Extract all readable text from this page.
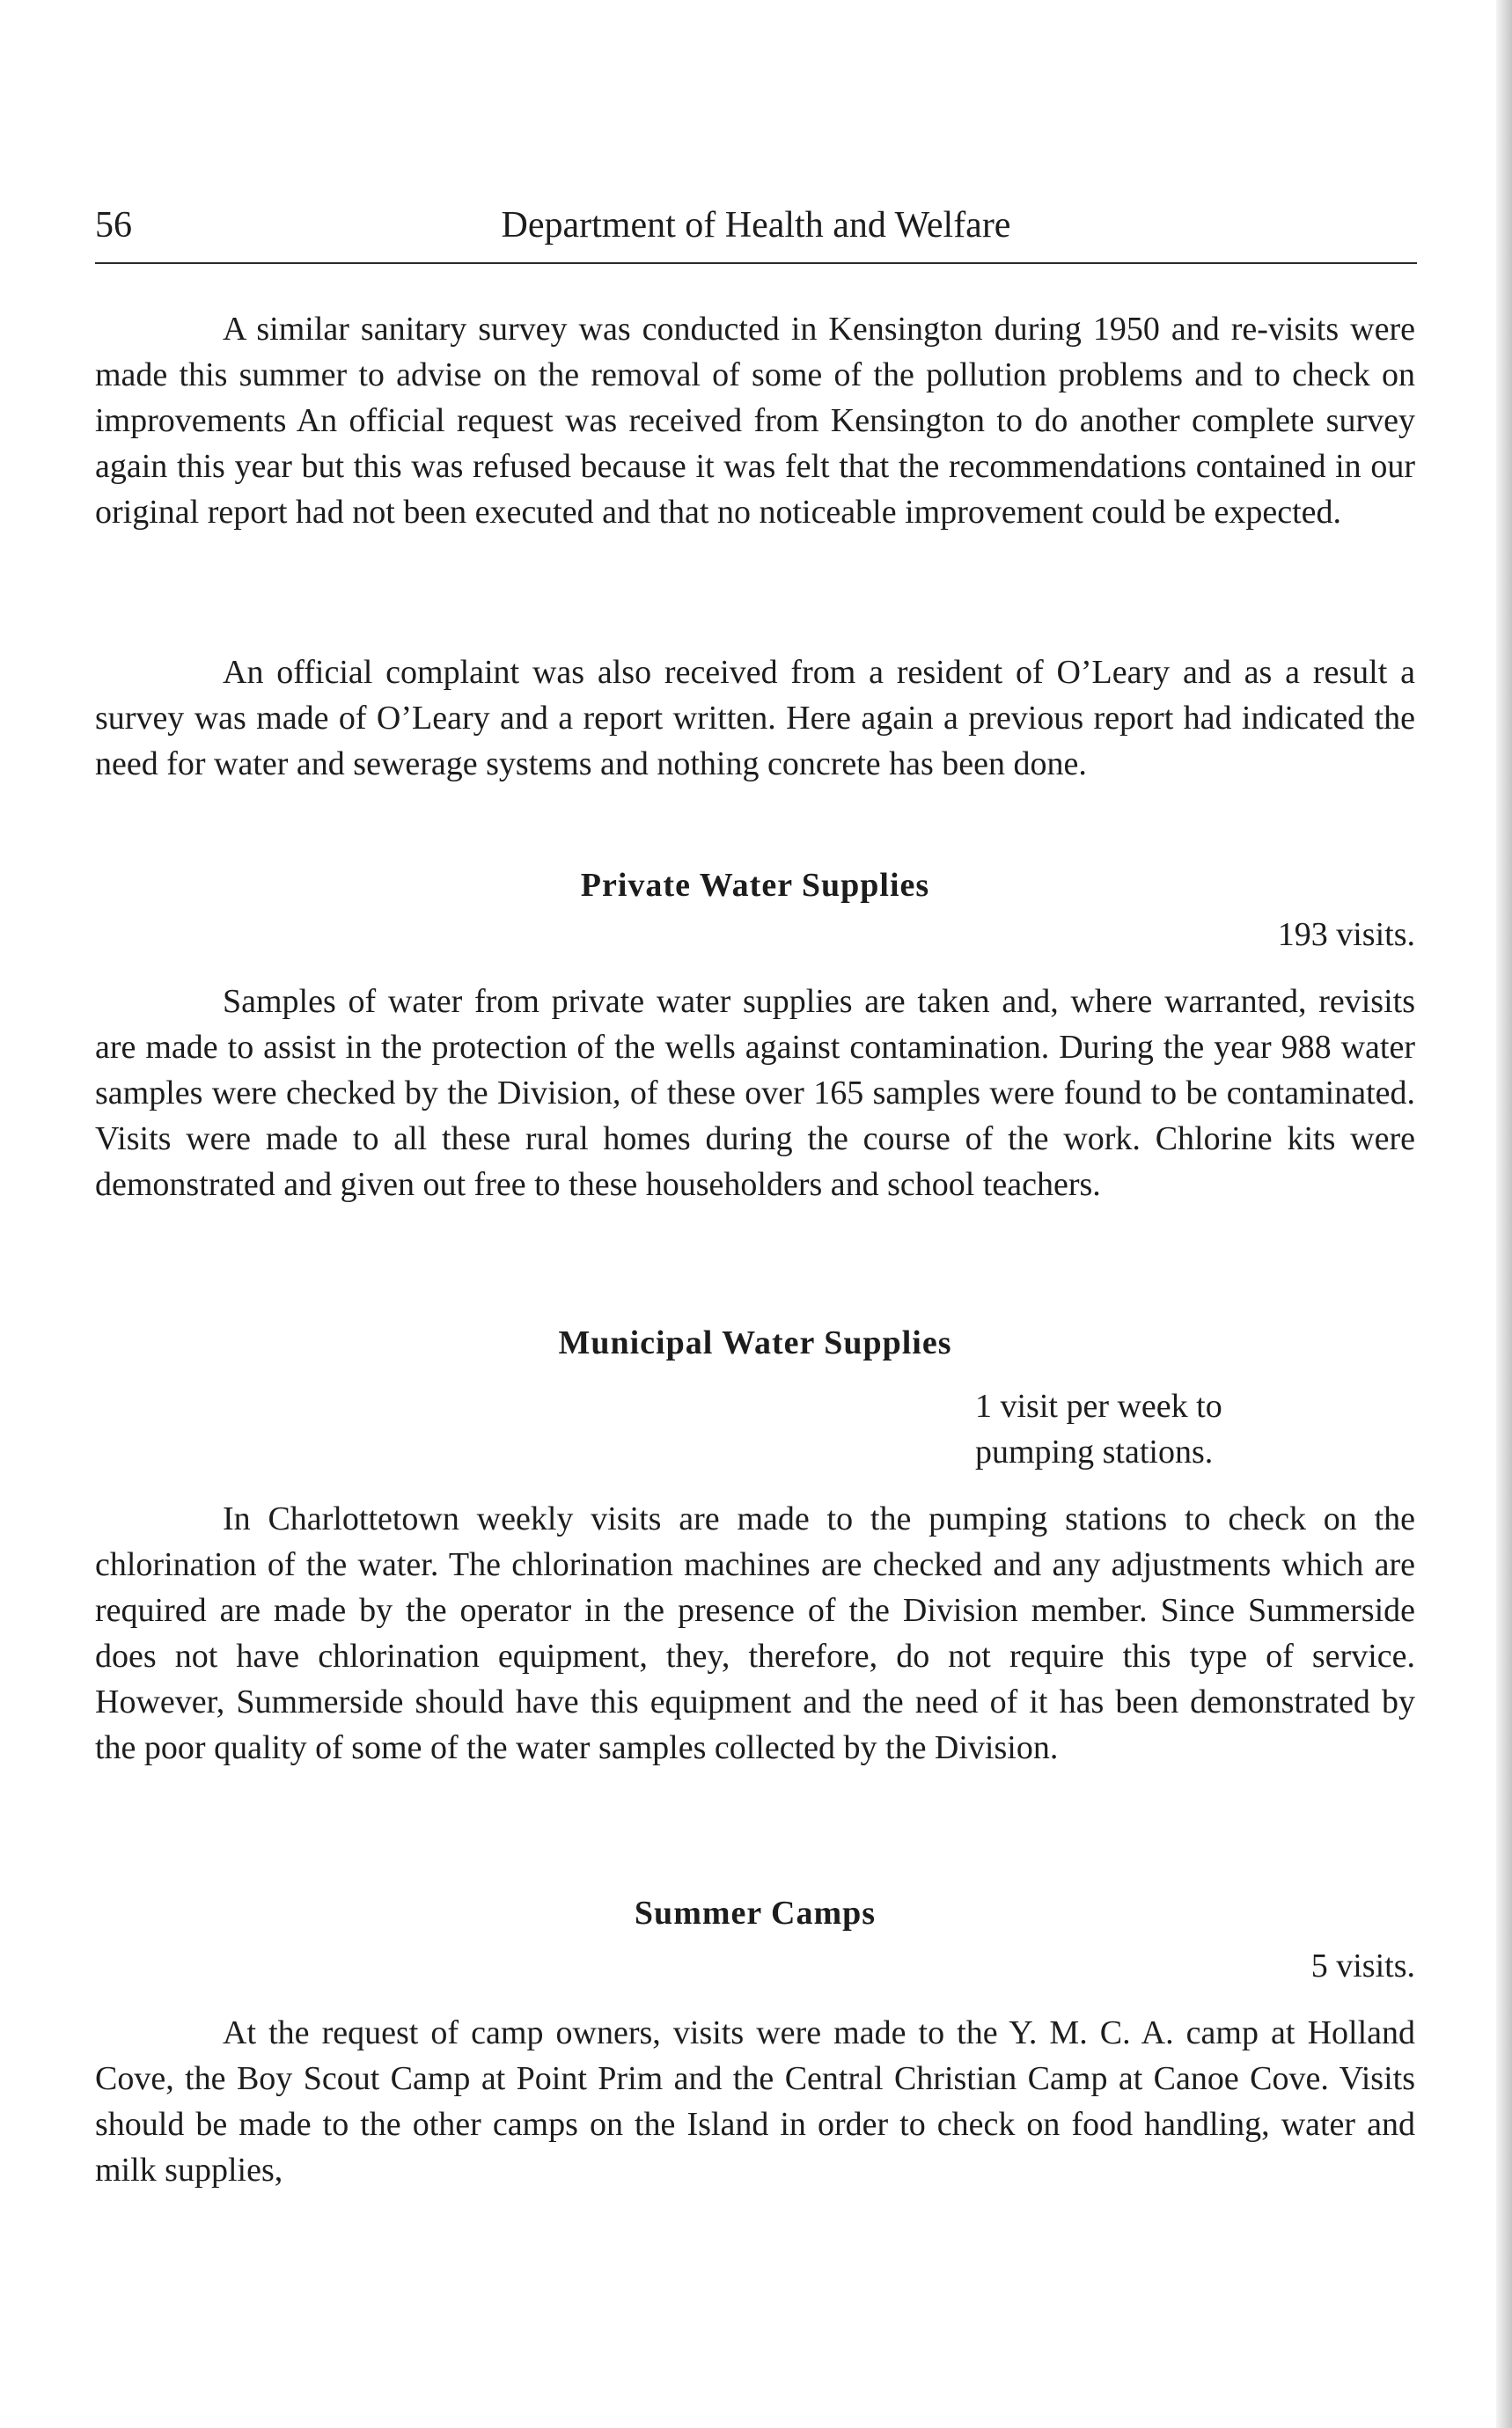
Department of Health and Welfare
56

A similar sanitary survey was conducted in Kensington during 1950 and re-visits were made this summer to advise on the removal of some of the pollution problems and to check on improvements An official request was received from Kensington to do another complete survey again this year but this was refused because it was felt that the recommendations contained in our original report had not been executed and that no noticeable improvement could be expected.

An official complaint was also received from a resident of O’Leary and as a result a survey was made of O’Leary and a report written. Here again a previous report had indicated the need for water and sewerage systems and nothing concrete has been done.

Private Water Supplies
193 visits.

Samples of water from private water supplies are taken and, where warranted, revisits are made to assist in the protection of the wells against contamination. During the year 988 water samples were checked by the Division, of these over 165 samples were found to be contaminated. Visits were made to all these rural homes during the course of the work. Chlorine kits were demonstrated and given out free to these householders and school teachers.

Municipal Water Supplies
1 visit per week to
pumping stations.

In Charlottetown weekly visits are made to the pumping stations to check on the chlorination of the water. The chlorination machines are checked and any adjustments which are required are made by the operator in the presence of the Division member. Since Summerside does not have chlorination equipment, they, therefore, do not require this type of service. However, Summerside should have this equipment and the need of it has been demonstrated by the poor quality of some of the water samples collected by the Division.

Summer Camps
5 visits.

At the request of camp owners, visits were made to the Y. M. C. A. camp at Holland Cove, the Boy Scout Camp at Point Prim and the Central Christian Camp at Canoe Cove. Visits should be made to the other camps on the Island in order to check on food handling, water and milk supplies,
